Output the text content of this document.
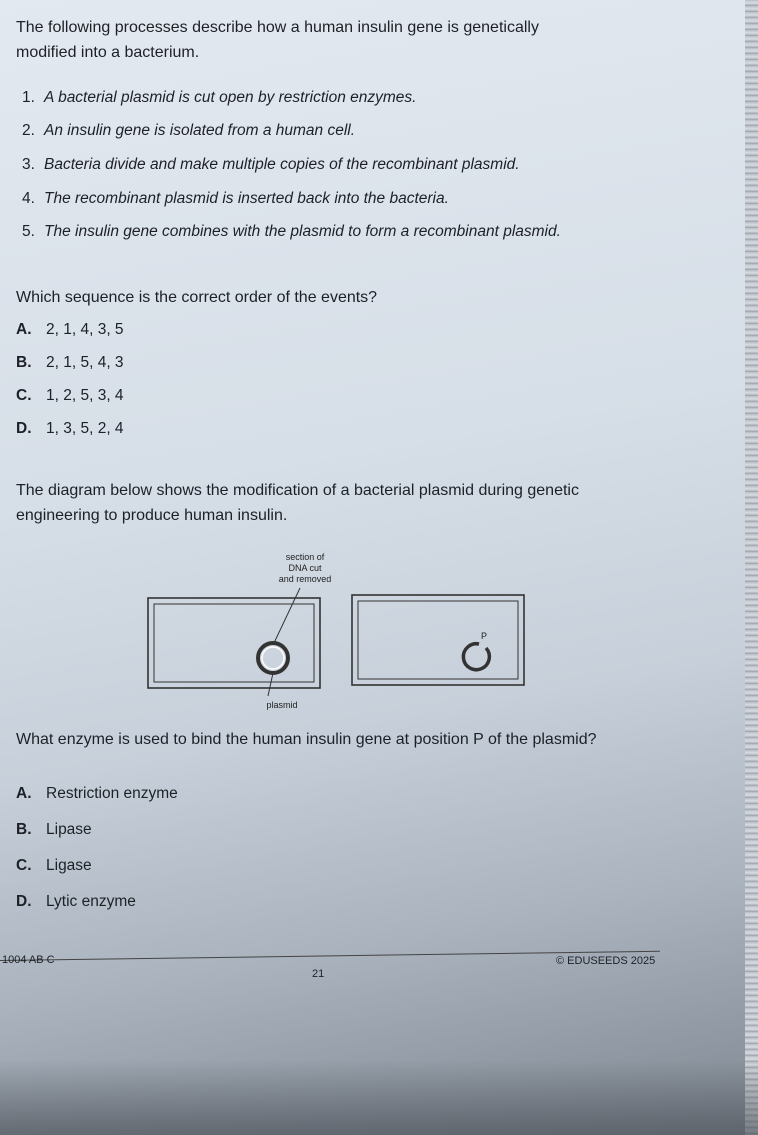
The following processes describe how a human insulin gene is genetically modified into a bacterium.
1. A bacterial plasmid is cut open by restriction enzymes.
2. An insulin gene is isolated from a human cell.
3. Bacteria divide and make multiple copies of the recombinant plasmid.
4. The recombinant plasmid is inserted back into the bacteria.
5. The insulin gene combines with the plasmid to form a recombinant plasmid.
Which sequence is the correct order of the events?
A. 2, 1, 4, 3, 5
B. 2, 1, 5, 4, 3
C. 1, 2, 5, 3, 4
D. 1, 3, 5, 2, 4
The diagram below shows the modification of a bacterial plasmid during genetic engineering to produce human insulin.
section of
DNA cut
and removed
plasmid
P
What enzyme is used to bind the human insulin gene at position P of the plasmid?
A. Restriction enzyme
B. Lipase
C. Ligase
D. Lytic enzyme
1004 AB C
21
© EDUSEEDS 2025
